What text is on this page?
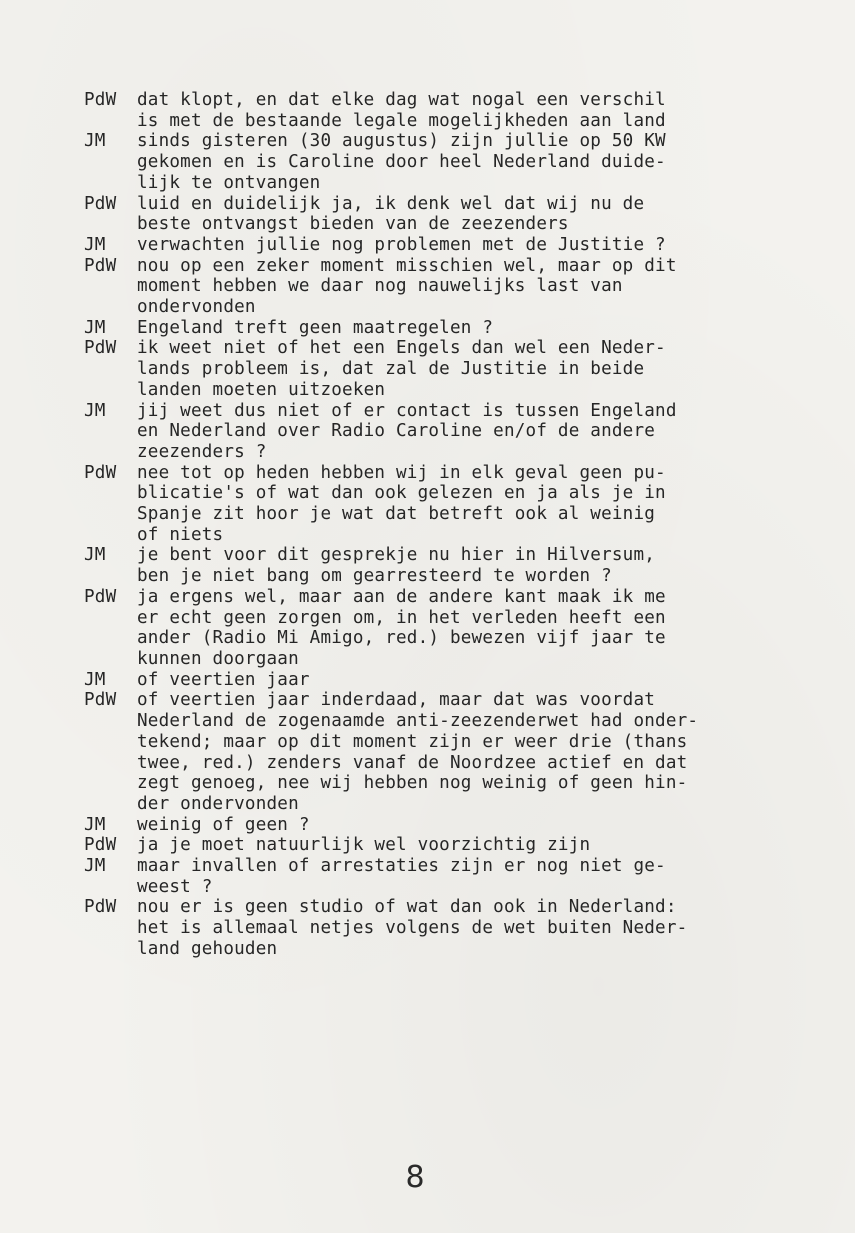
PdW	dat klopt, en dat elke dag wat nogal een verschil
is met de bestaande legale mogelijkheden aan land
JM	sinds gisteren (30 augustus) zijn jullie op 50 KW
gekomen en is Caroline door heel Nederland duide-
lijk te ontvangen
PdW	luid en duidelijk ja, ik denk wel dat wij nu de
beste ontvangst bieden van de zeezenders
JM	verwachten jullie nog problemen met de Justitie ?
PdW	nou op een zeker moment misschien wel, maar op dit
moment hebben we daar nog nauwelijks last van
ondervonden
JM	Engeland treft geen maatregelen ?
PdW	ik weet niet of het een Engels dan wel een Neder-
lands probleem is, dat zal de Justitie in beide
landen moeten uitzoeken
JM	jij weet dus niet of er contact is tussen Engeland
en Nederland over Radio Caroline en/of de andere
zeezenders ?
PdW	nee tot op heden hebben wij in elk geval geen pu-
blicatie's of wat dan ook gelezen en ja als je in
Spanje zit hoor je wat dat betreft ook al weinig
of niets
JM	je bent voor dit gesprekje nu hier in Hilversum,
ben je niet bang om gearresteerd te worden ?
PdW	ja ergens wel, maar aan de andere kant maak ik me
er echt geen zorgen om, in het verleden heeft een
ander (Radio Mi Amigo, red.) bewezen vijf jaar te
kunnen doorgaan
JM	of veertien jaar
PdW	of veertien jaar inderdaad, maar dat was voordat
Nederland de zogenaamde anti-zeezenderwet had onder-
tekend; maar op dit moment zijn er weer drie (thans
twee, red.) zenders vanaf de Noordzee actief en dat
zegt genoeg, nee wij hebben nog weinig of geen hin-
der ondervonden
JM	weinig of geen ?
PdW	ja je moet natuurlijk wel voorzichtig zijn
JM	maar invallen of arrestaties zijn er nog niet ge-
weest ?
PdW	nou er is geen studio of wat dan ook in Nederland:
het is allemaal netjes volgens de wet buiten Neder-
land gehouden
8
